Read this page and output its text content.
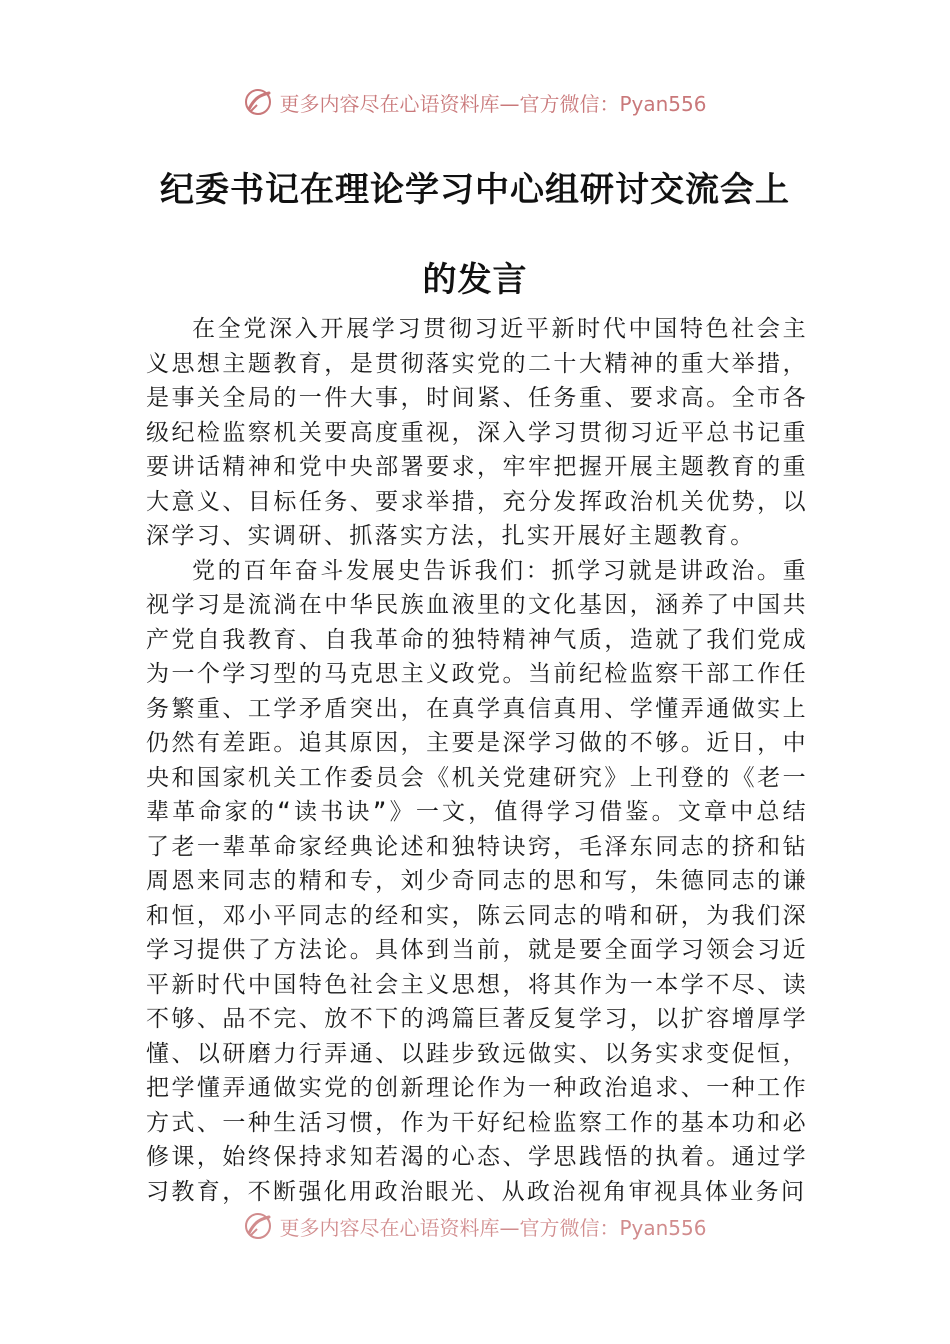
更多内容尽在心语资料库—官方微信：Pyan556
纪委书记在理论学习中心组研讨交流会上
的发言

在全党深入开展学习贯彻习近平新时代中国特色社会主义思想主题教育，是贯彻落实党的二十大精神的重大举措，是事关全局的一件大事，时间紧、任务重、要求高。全市各级纪检监察机关要高度重视，深入学习贯彻习近平总书记重要讲话精神和党中央部署要求，牢牢把握开展主题教育的重大意义、目标任务、要求举措，充分发挥政治机关优势，以深学习、实调研、抓落实方法，扎实开展好主题教育。

党的百年奋斗发展史告诉我们：抓学习就是讲政治。重视学习是流淌在中华民族血液里的文化基因，涵养了中国共产党自我教育、自我革命的独特精神气质，造就了我们党成为一个学习型的马克思主义政党。当前纪检监察干部工作任务繁重、工学矛盾突出，在真学真信真用、学懂弄通做实上仍然有差距。追其原因，主要是深学习做的不够。近日，中央和国家机关工作委员会《机关党建研究》上刊登的《老一辈革命家的“读书诀”》一文，值得学习借鉴。文章中总结了老一辈革命家经典论述和独特诀窍，毛泽东同志的挤和钻周恩来同志的精和专，刘少奇同志的思和写，朱德同志的谦和恒，邓小平同志的经和实，陈云同志的啃和研，为我们深学习提供了方法论。具体到当前，就是要全面学习领会习近平新时代中国特色社会主义思想，将其作为一本学不尽、读不够、品不完、放不下的鸿篇巨著反复学习，以扩容增厚学懂、以研磨力行弄通、以跬步致远做实、以务实求变促恒，把学懂弄通做实党的创新理论作为一种政治追求、一种工作方式、一种生活习惯，作为干好纪检监察工作的基本功和必修课，始终保持求知若渴的心态、学思践悟的执着。通过学习教育，不断强化用政治眼光、从政治视角审视具体业务问

更多内容尽在心语资料库—官方微信：Pyan556
